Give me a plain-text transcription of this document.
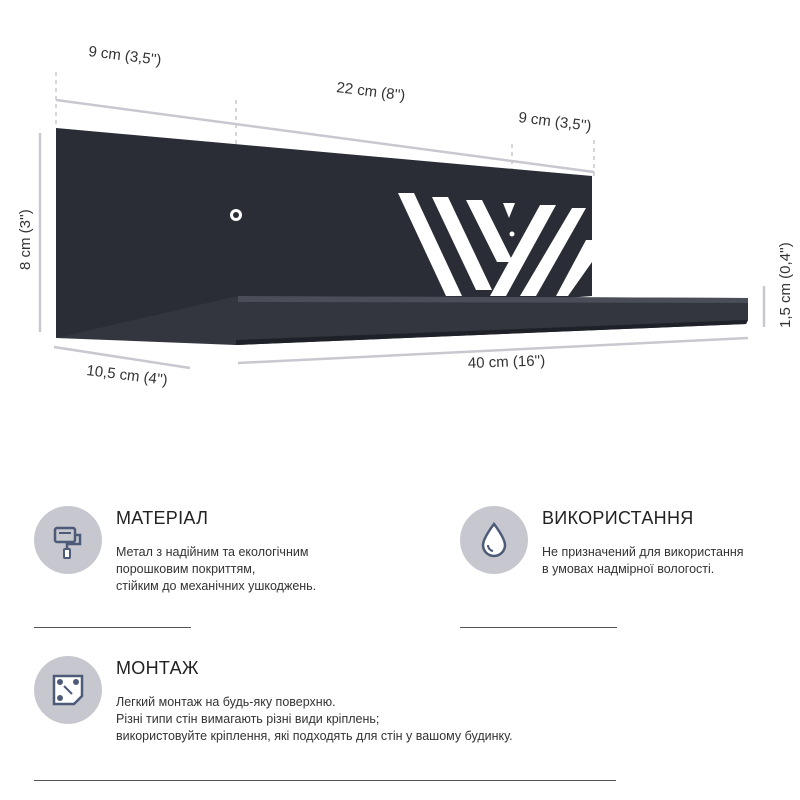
9 cm (3,5'')
22 cm (8'')
9 cm (3,5'')
8 cm (3'')
1,5 cm (0,4'')
10,5 cm (4'')	40 cm (16'')
МАТЕРІАЛ
Метал з надійним та екологічним
порошковим покриттям,
стійким до механічних ушкоджень.
ВИКОРИСТАННЯ
Не призначений для використання
в умовах надмірної вологості.
МОНТАЖ
Легкий монтаж на будь-яку поверхню.
Різні типи стін вимагають різні види кріплень;
використовуйте кріплення, які подходять для стін у вашому будинку.
